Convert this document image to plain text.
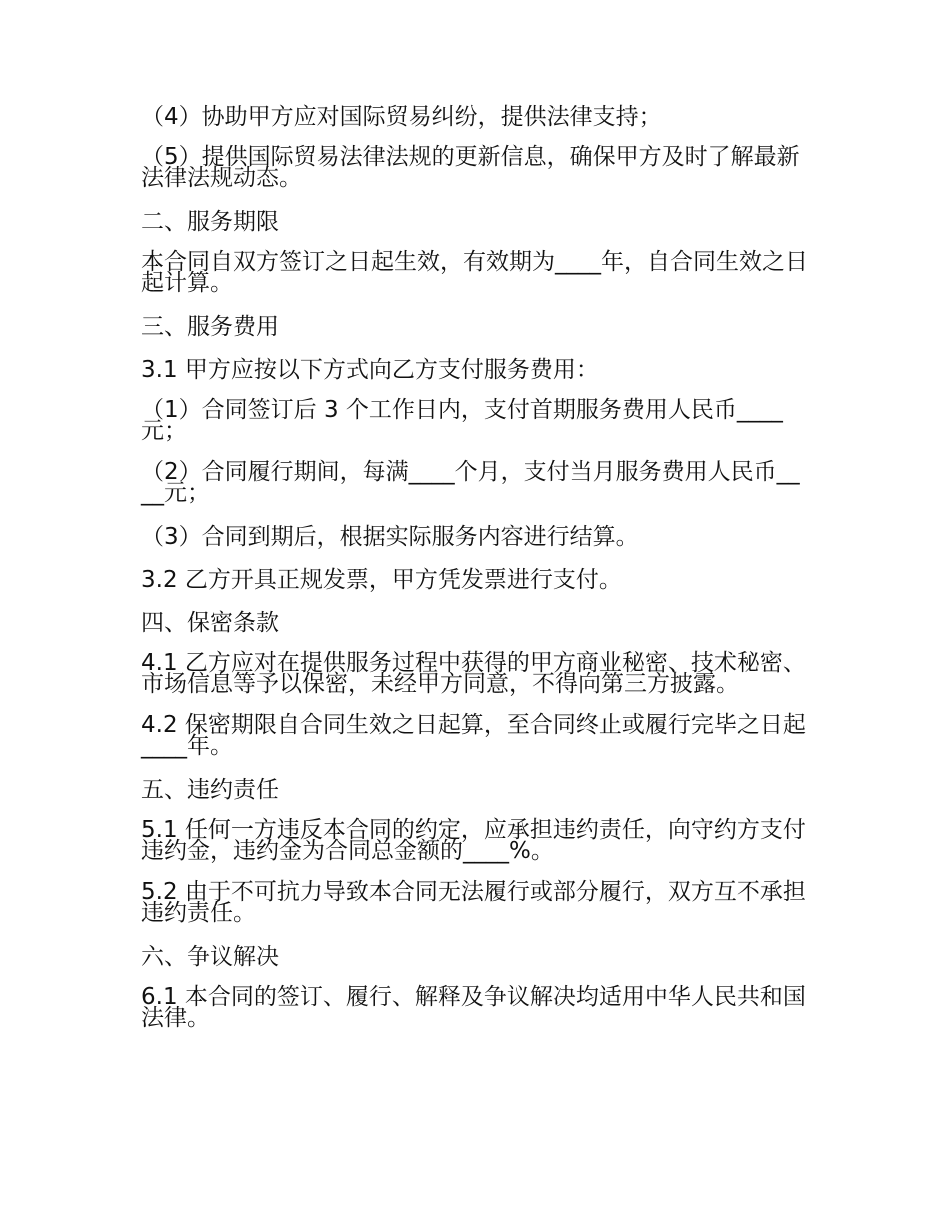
（4）协助甲方应对国际贸易纠纷，提供法律支持；

（5）提供国际贸易法律法规的更新信息，确保甲方及时了解最新法律法规动态。

二、服务期限

本合同自双方签订之日起生效，有效期为____年，自合同生效之日起计算。

三、服务费用

3.1 甲方应按以下方式向乙方支付服务费用：

（1）合同签订后 3 个工作日内，支付首期服务费用人民币____元；

（2）合同履行期间，每满____个月，支付当月服务费用人民币____元；

（3）合同到期后，根据实际服务内容进行结算。

3.2 乙方开具正规发票，甲方凭发票进行支付。

四、保密条款

4.1 乙方应对在提供服务过程中获得的甲方商业秘密、技术秘密、市场信息等予以保密，未经甲方同意，不得向第三方披露。

4.2 保密期限自合同生效之日起算，至合同终止或履行完毕之日起____年。

五、违约责任

5.1 任何一方违反本合同的约定，应承担违约责任，向守约方支付违约金，违约金为合同总金额的____%。

5.2 由于不可抗力导致本合同无法履行或部分履行，双方互不承担违约责任。

六、争议解决

6.1 本合同的签订、履行、解释及争议解决均适用中华人民共和国法律。
